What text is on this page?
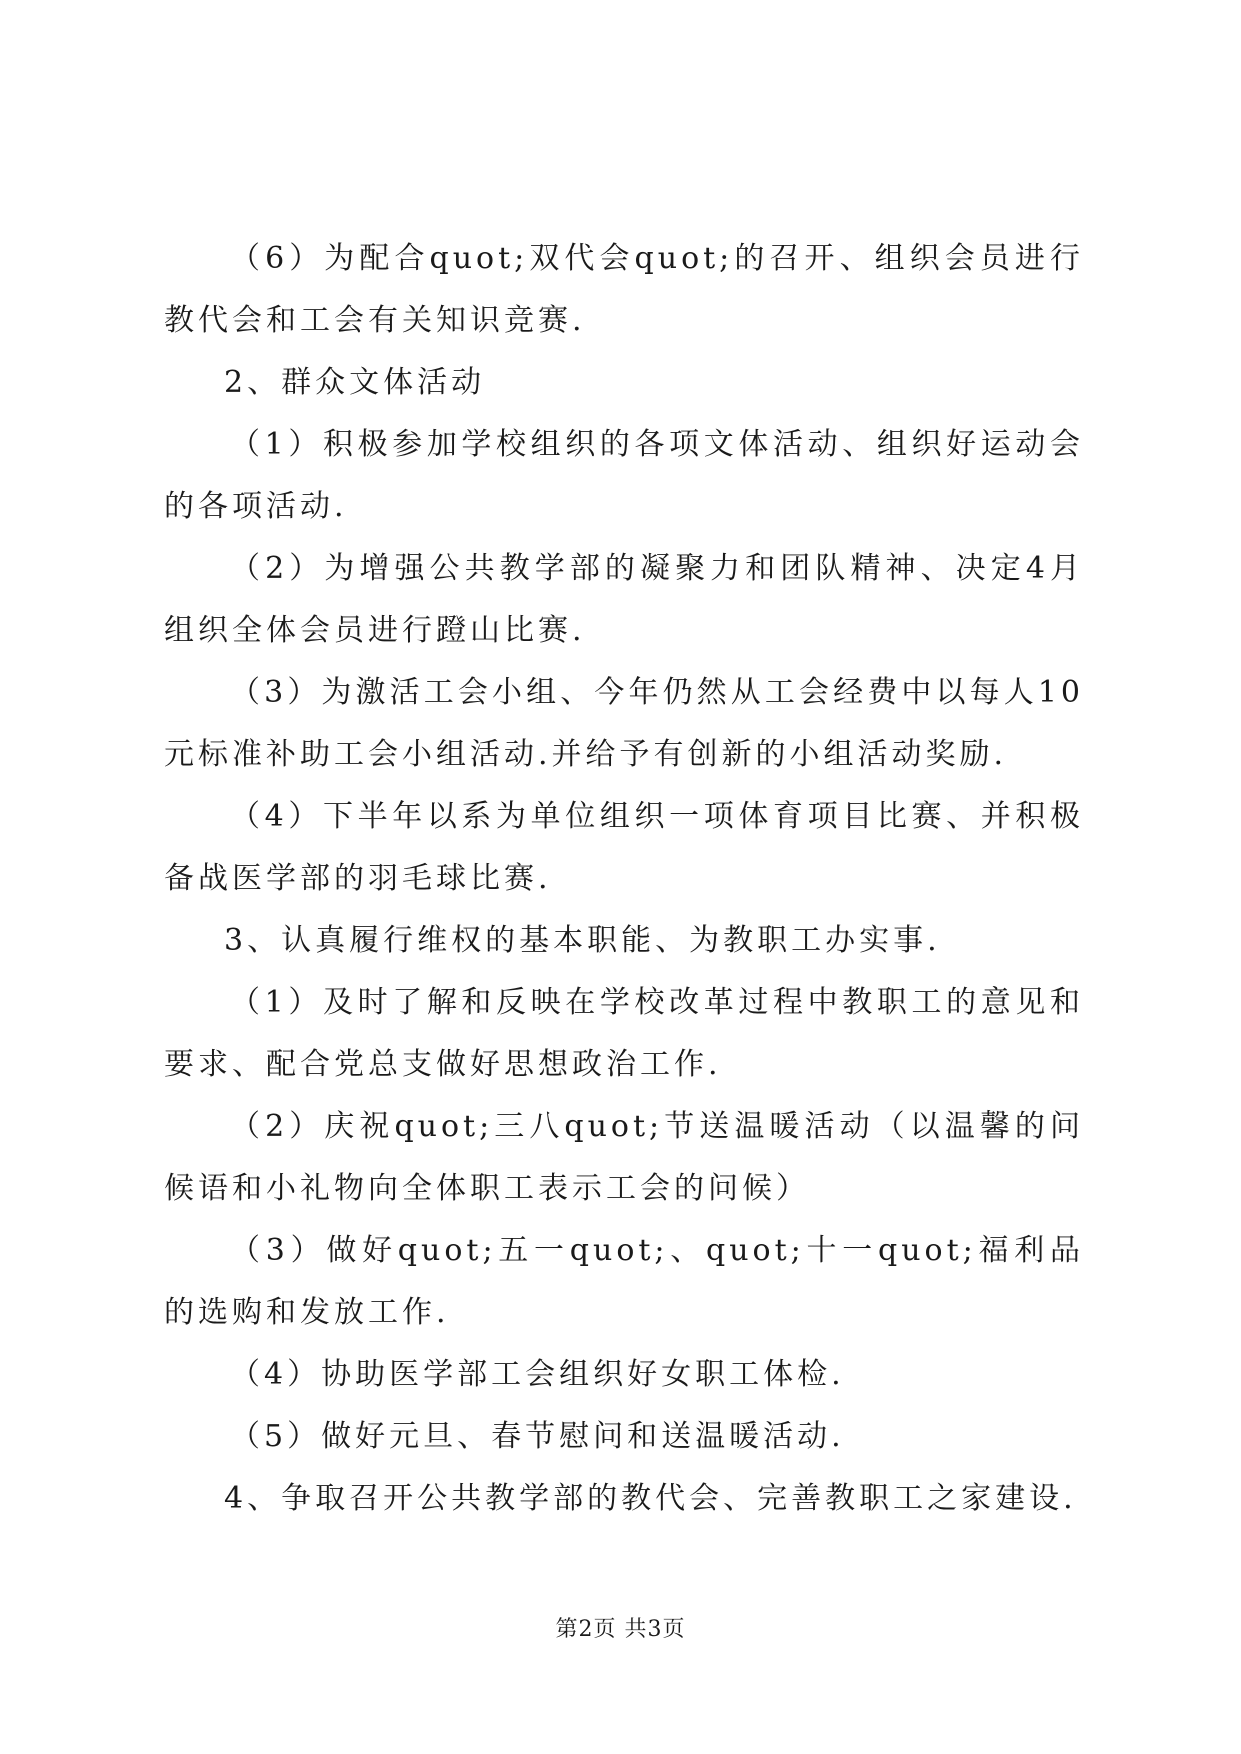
（6）为配合quot;双代会quot;的召开、组织会员进行教代会和工会有关知识竞赛.

2、群众文体活动

（1）积极参加学校组织的各项文体活动、组织好运动会的各项活动.

（2）为增强公共教学部的凝聚力和团队精神、决定4月组织全体会员进行蹬山比赛.

（3）为激活工会小组、今年仍然从工会经费中以每人10元标准补助工会小组活动.并给予有创新的小组活动奖励.

（4）下半年以系为单位组织一项体育项目比赛、并积极备战医学部的羽毛球比赛.

3、认真履行维权的基本职能、为教职工办实事.

（1）及时了解和反映在学校改革过程中教职工的意见和要求、配合党总支做好思想政治工作.

（2）庆祝quot;三八quot;节送温暖活动（以温馨的问候语和小礼物向全体职工表示工会的问候）

（3）做好quot;五一quot;、quot;十一quot;福利品的选购和发放工作.

（4）协助医学部工会组织好女职工体检.

（5）做好元旦、春节慰问和送温暖活动.

4、争取召开公共教学部的教代会、完善教职工之家建设.

第2页 共3页
